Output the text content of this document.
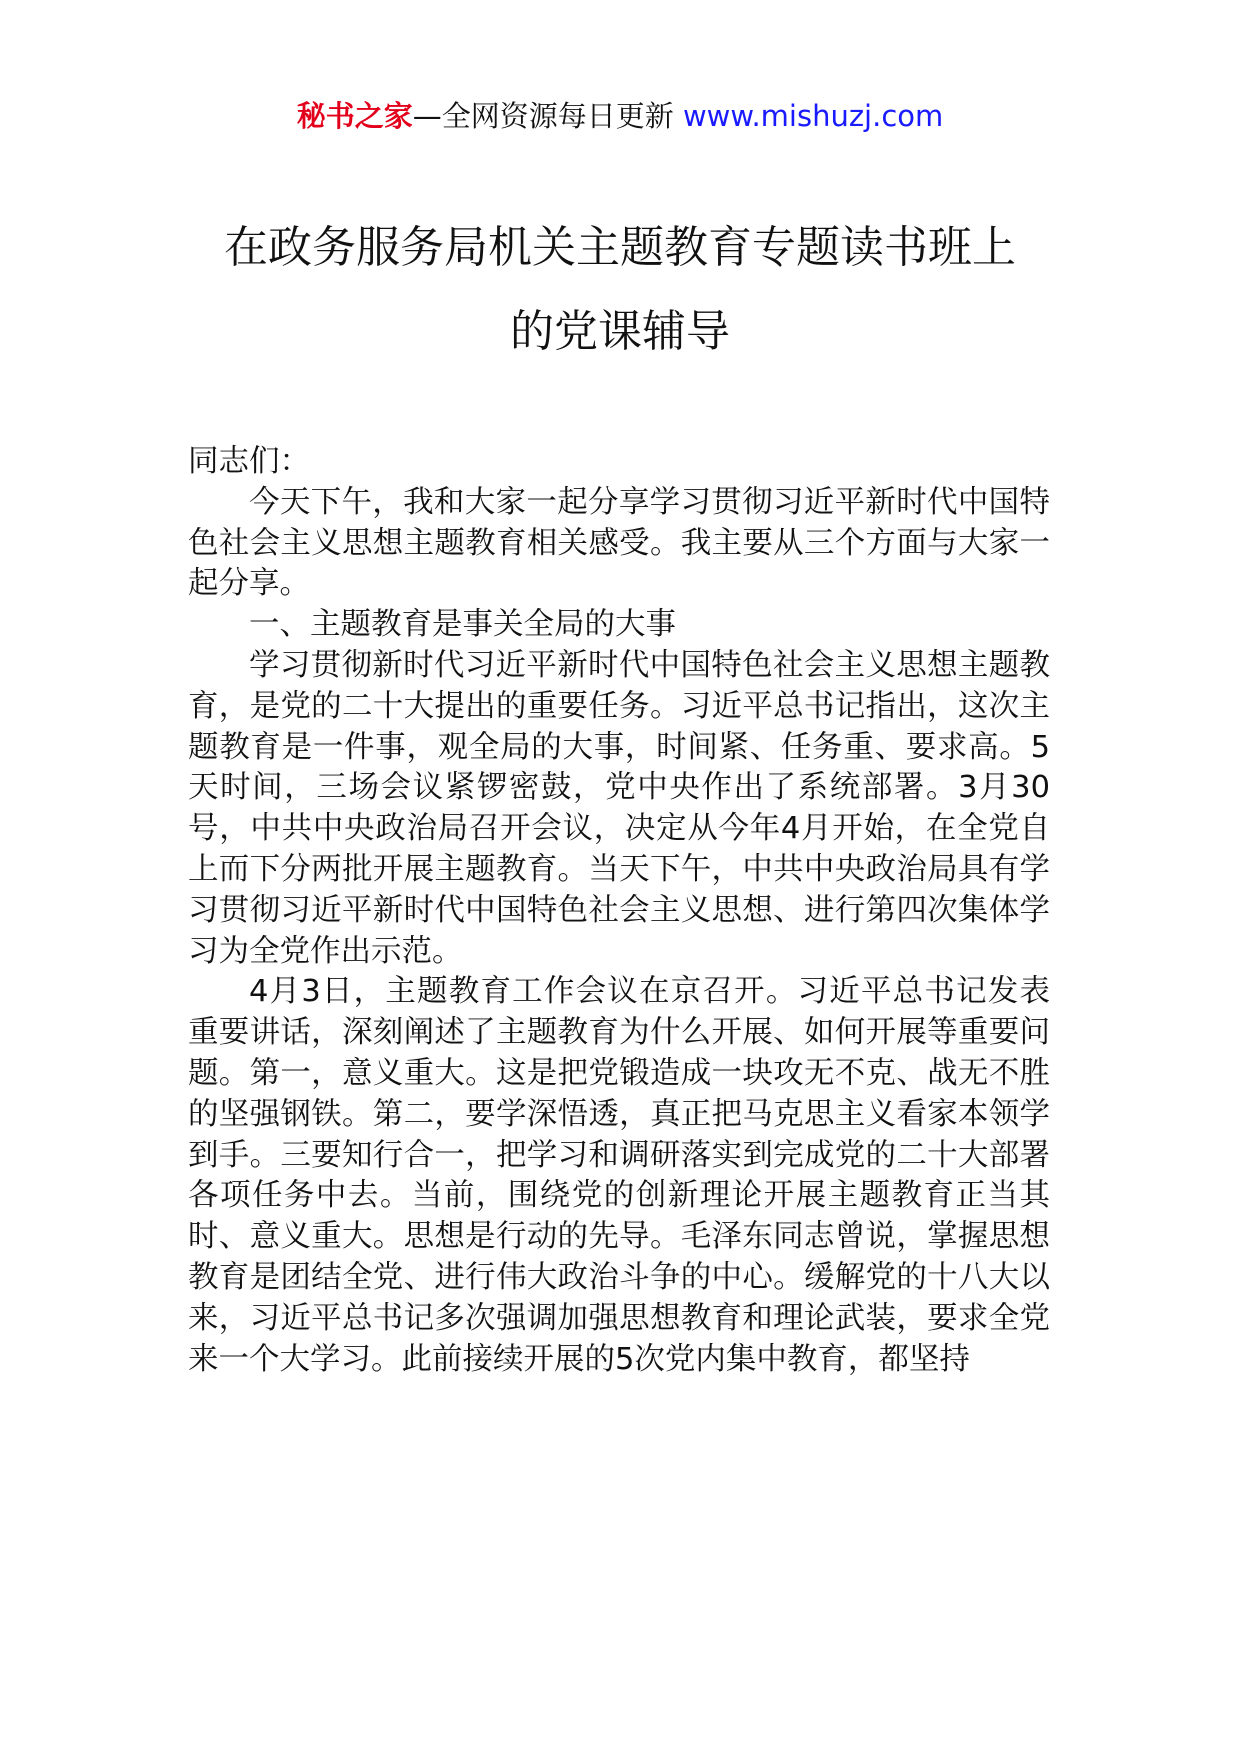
秘书之家—全网资源每日更新 www.mishuzj.com
在政务服务局机关主题教育专题读书班上
的党课辅导

同志们：

今天下午，我和大家一起分享学习贯彻习近平新时代中国特色社会主义思想主题教育相关感受。我主要从三个方面与大家一起分享。

一、主题教育是事关全局的大事

学习贯彻新时代习近平新时代中国特色社会主义思想主题教育，是党的二十大提出的重要任务。习近平总书记指出，这次主题教育是一件事，观全局的大事，时间紧、任务重、要求高。5天时间，三场会议紧锣密鼓，党中央作出了系统部署。3月30号，中共中央政治局召开会议，决定从今年4月开始，在全党自上而下分两批开展主题教育。当天下午，中共中央政治局具有学习贯彻习近平新时代中国特色社会主义思想、进行第四次集体学习为全党作出示范。

4月3日，主题教育工作会议在京召开。习近平总书记发表重要讲话，深刻阐述了主题教育为什么开展、如何开展等重要问题。第一，意义重大。这是把党锻造成一块攻无不克、战无不胜的坚强钢铁。第二，要学深悟透，真正把马克思主义看家本领学到手。三要知行合一，把学习和调研落实到完成党的二十大部署各项任务中去。当前，围绕党的创新理论开展主题教育正当其时、意义重大。思想是行动的先导。毛泽东同志曾说，掌握思想教育是团结全党、进行伟大政治斗争的中心。缓解党的十八大以来，习近平总书记多次强调加强思想教育和理论武装，要求全党来一个大学习。此前接续开展的5次党内集中教育，都坚持
